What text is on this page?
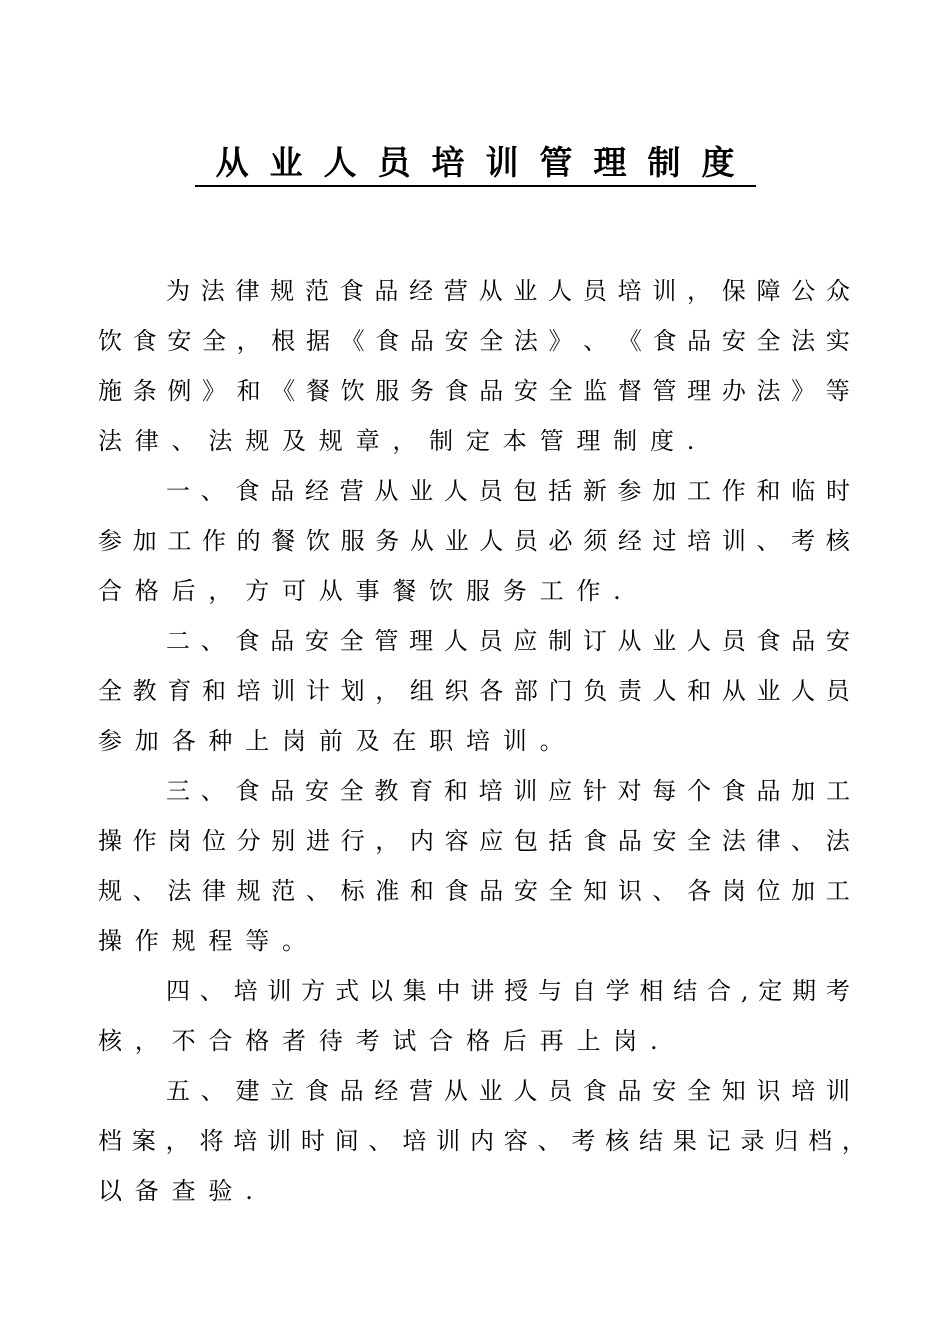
从业人员培训管理制度
为 法 律 规 范 食 品 经 营 从 业 人 员 培 训 ， 保 障 公 众
饮 食 安 全 ， 根 据 《 食 品 安 全 法 》 、 《 食 品 安 全 法 实
施 条 例 》 和 《 餐 饮 服 务 食 品 安 全 监 督 管 理 办 法 》 等
法 律 、 法 规 及 规 章 ， 制 定 本 管 理 制 度 .
一 、 食 品 经 营 从 业 人 员 包 括 新 参 加 工 作 和 临 时
参 加 工 作 的 餐 饮 服 务 从 业 人 员 必 须 经 过 培 训 、 考 核
合 格 后 ， 方 可 从 事 餐 饮 服 务 工 作 .
二 、 食 品 安 全 管 理 人 员 应 制 订 从 业 人 员 食 品 安
全 教 育 和 培 训 计 划 ， 组 织 各 部 门 负 责 人 和 从 业 人 员
参 加 各 种 上 岗 前 及 在 职 培 训 。
三 、 食 品 安 全 教 育 和 培 训 应 针 对 每 个 食 品 加 工
操 作 岗 位 分 别 进 行 ， 内 容 应 包 括 食 品 安 全 法 律 、 法
规 、 法 律 规 范 、 标 准 和 食 品 安 全 知 识 、 各 岗 位 加 工
操 作 规 程 等 。
四 、 培 训 方 式 以 集 中 讲 授 与 自 学 相 结 合 , 定 期 考
核 ， 不 合 格 者 待 考 试 合 格 后 再 上 岗 .
五 、 建 立 食 品 经 营 从 业 人 员 食 品 安 全 知 识 培 训
档 案 ， 将 培 训 时 间 、 培 训 内 容 、 考 核 结 果 记 录 归 档 ，
以 备 查 验 .
